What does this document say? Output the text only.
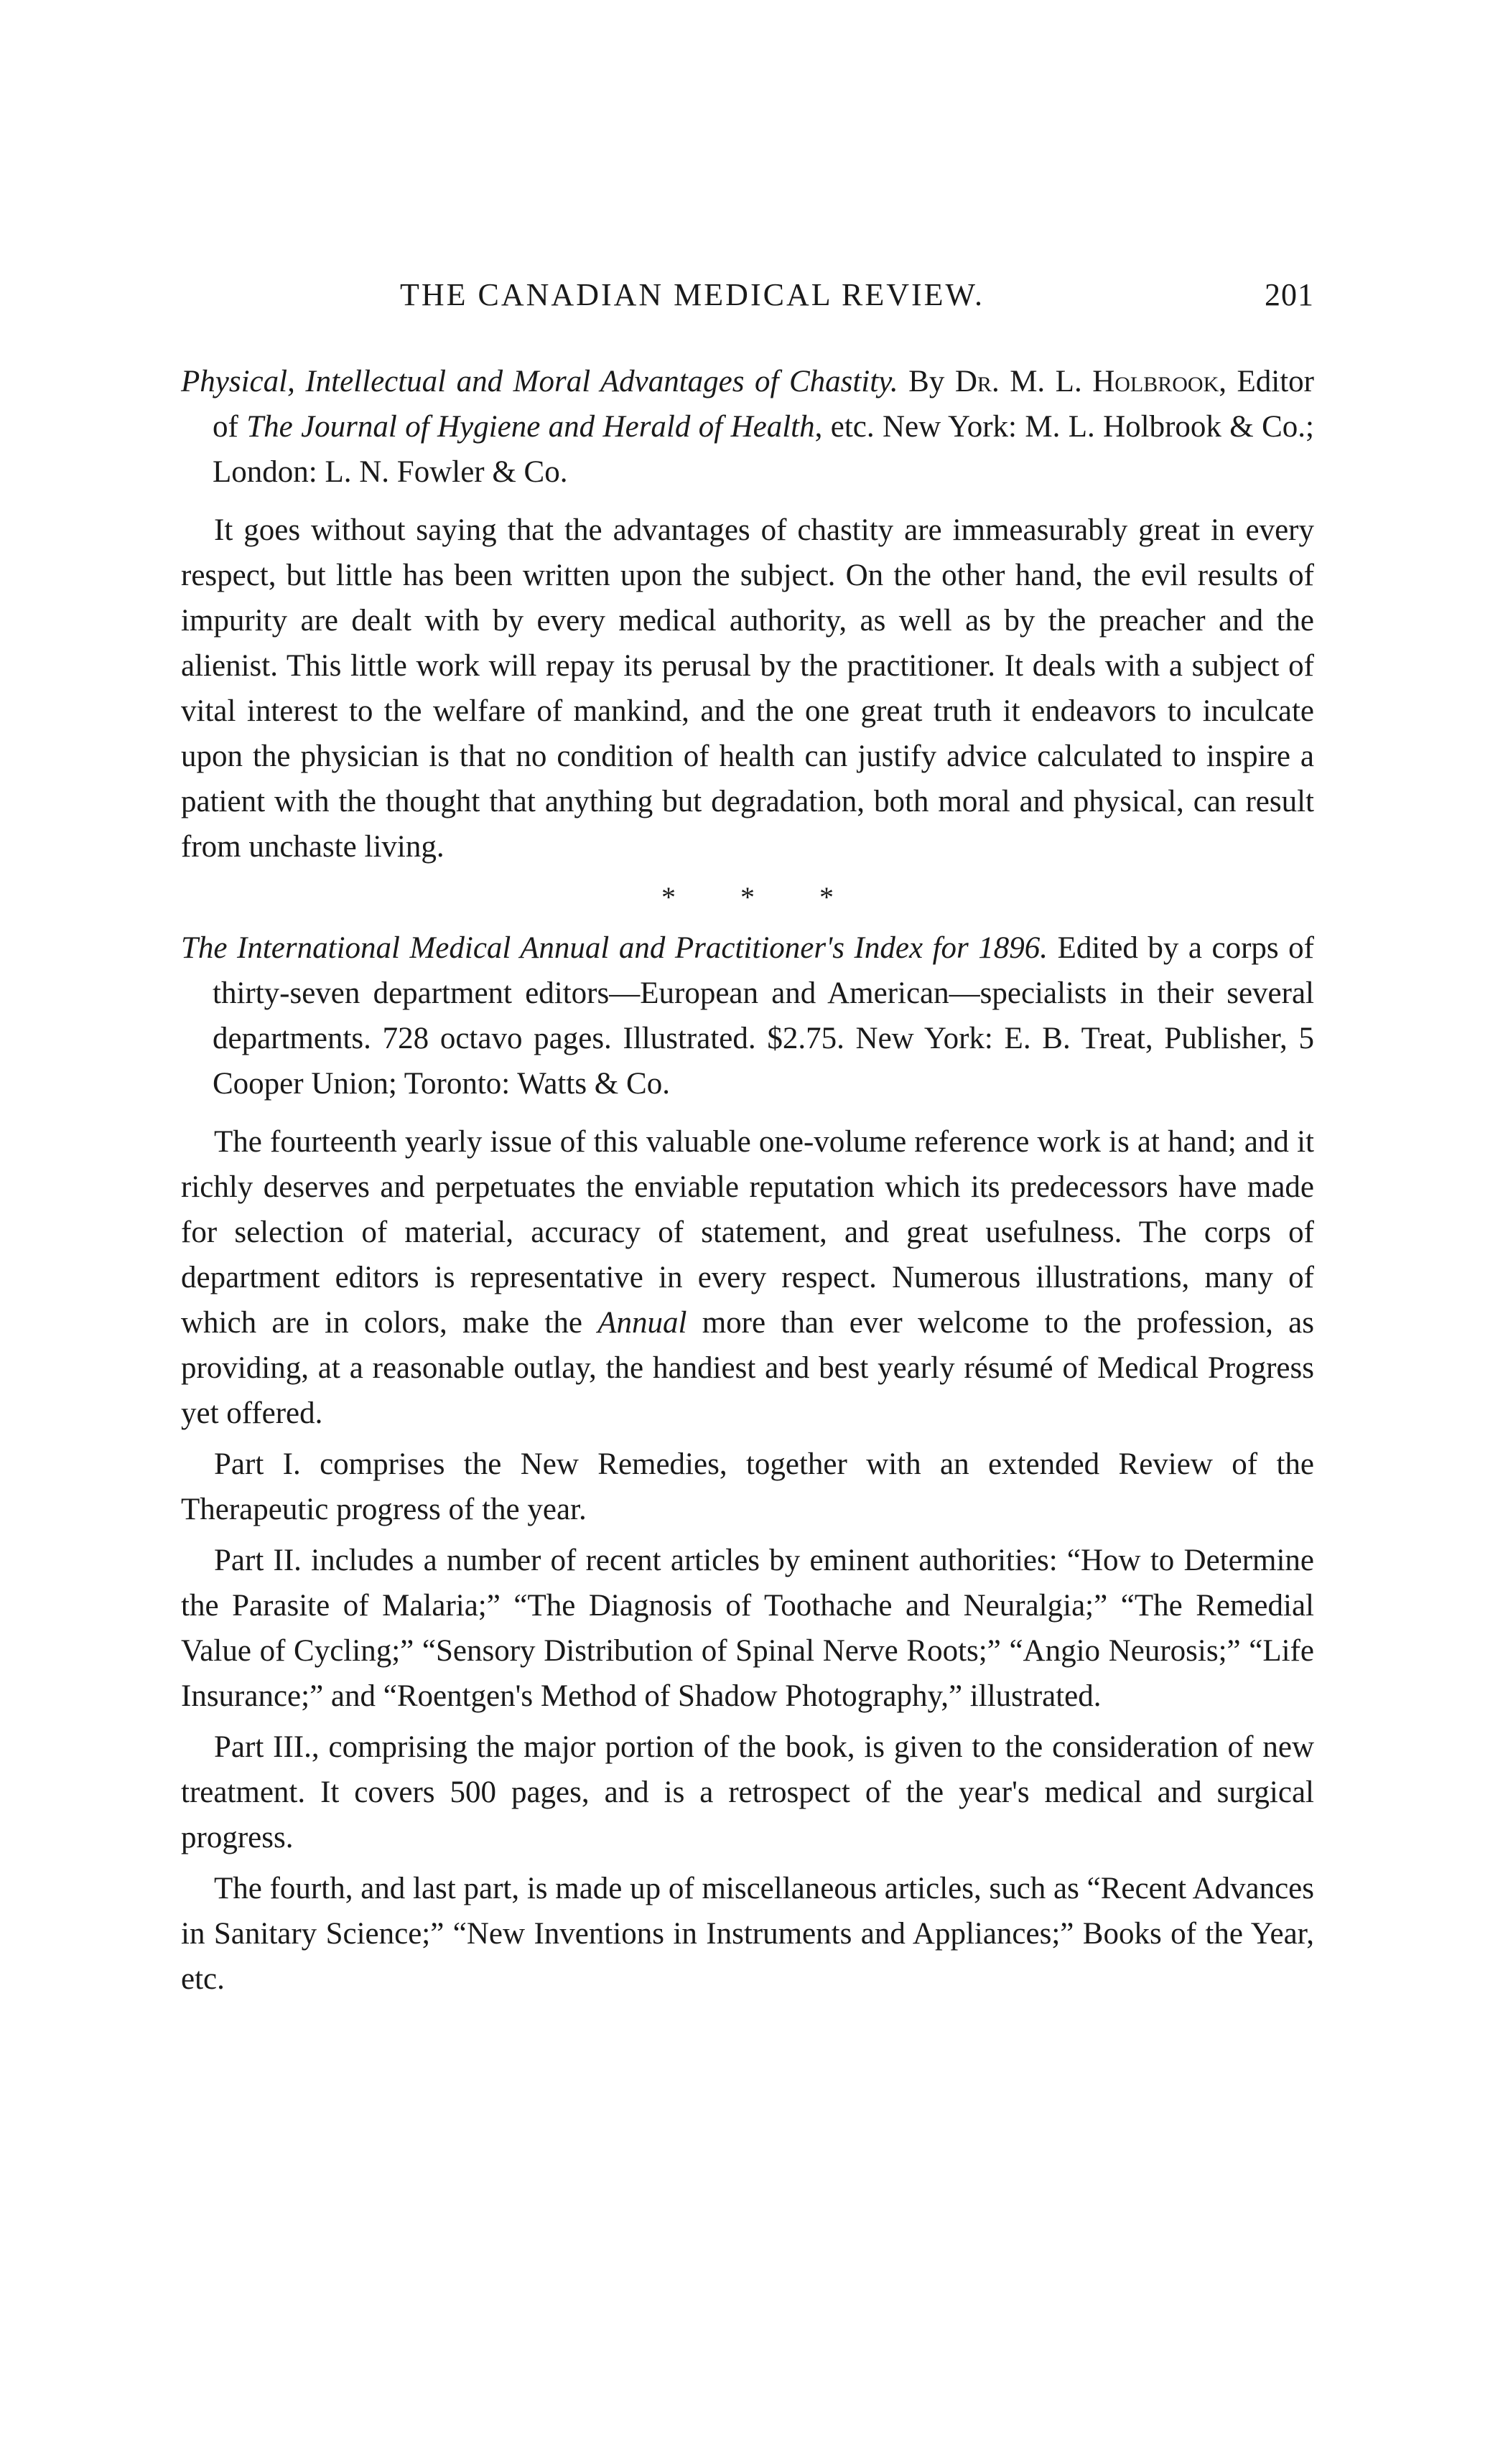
THE CANADIAN MEDICAL REVIEW.	201

Physical, Intellectual and Moral Advantages of Chastity. By Dr. M. L. Holbrook, Editor of The Journal of Hygiene and Herald of Health, etc. New York: M. L. Holbrook & Co.; London: L. N. Fowler & Co.

It goes without saying that the advantages of chastity are immeasurably great in every respect, but little has been written upon the subject. On the other hand, the evil results of impurity are dealt with by every medical authority, as well as by the preacher and the alienist. This little work will repay its perusal by the practitioner. It deals with a subject of vital interest to the welfare of mankind, and the one great truth it endeavors to inculcate upon the physician is that no condition of health can justify advice calculated to inspire a patient with the thought that anything but degradation, both moral and physical, can result from unchaste living.

* * *

The International Medical Annual and Practitioner's Index for 1896. Edited by a corps of thirty-seven department editors—European and American—specialists in their several departments. 728 octavo pages. Illustrated. $2.75. New York: E. B. Treat, Publisher, 5 Cooper Union; Toronto: Watts & Co.

The fourteenth yearly issue of this valuable one-volume reference work is at hand; and it richly deserves and perpetuates the enviable reputation which its predecessors have made for selection of material, accuracy of statement, and great usefulness. The corps of department editors is representative in every respect. Numerous illustrations, many of which are in colors, make the Annual more than ever welcome to the profession, as providing, at a reasonable outlay, the handiest and best yearly résumé of Medical Progress yet offered.

Part I. comprises the New Remedies, together with an extended Review of the Therapeutic progress of the year.

Part II. includes a number of recent articles by eminent authorities: “How to Determine the Parasite of Malaria;” “The Diagnosis of Toothache and Neuralgia;” “The Remedial Value of Cycling;” “Sensory Distribution of Spinal Nerve Roots;” “Angio Neurosis;” “Life Insurance;” and “Roentgen's Method of Shadow Photography,” illustrated.

Part III., comprising the major portion of the book, is given to the consideration of new treatment. It covers 500 pages, and is a retrospect of the year's medical and surgical progress.

The fourth, and last part, is made up of miscellaneous articles, such as “Recent Advances in Sanitary Science;” “New Inventions in Instruments and Appliances;” Books of the Year, etc.
